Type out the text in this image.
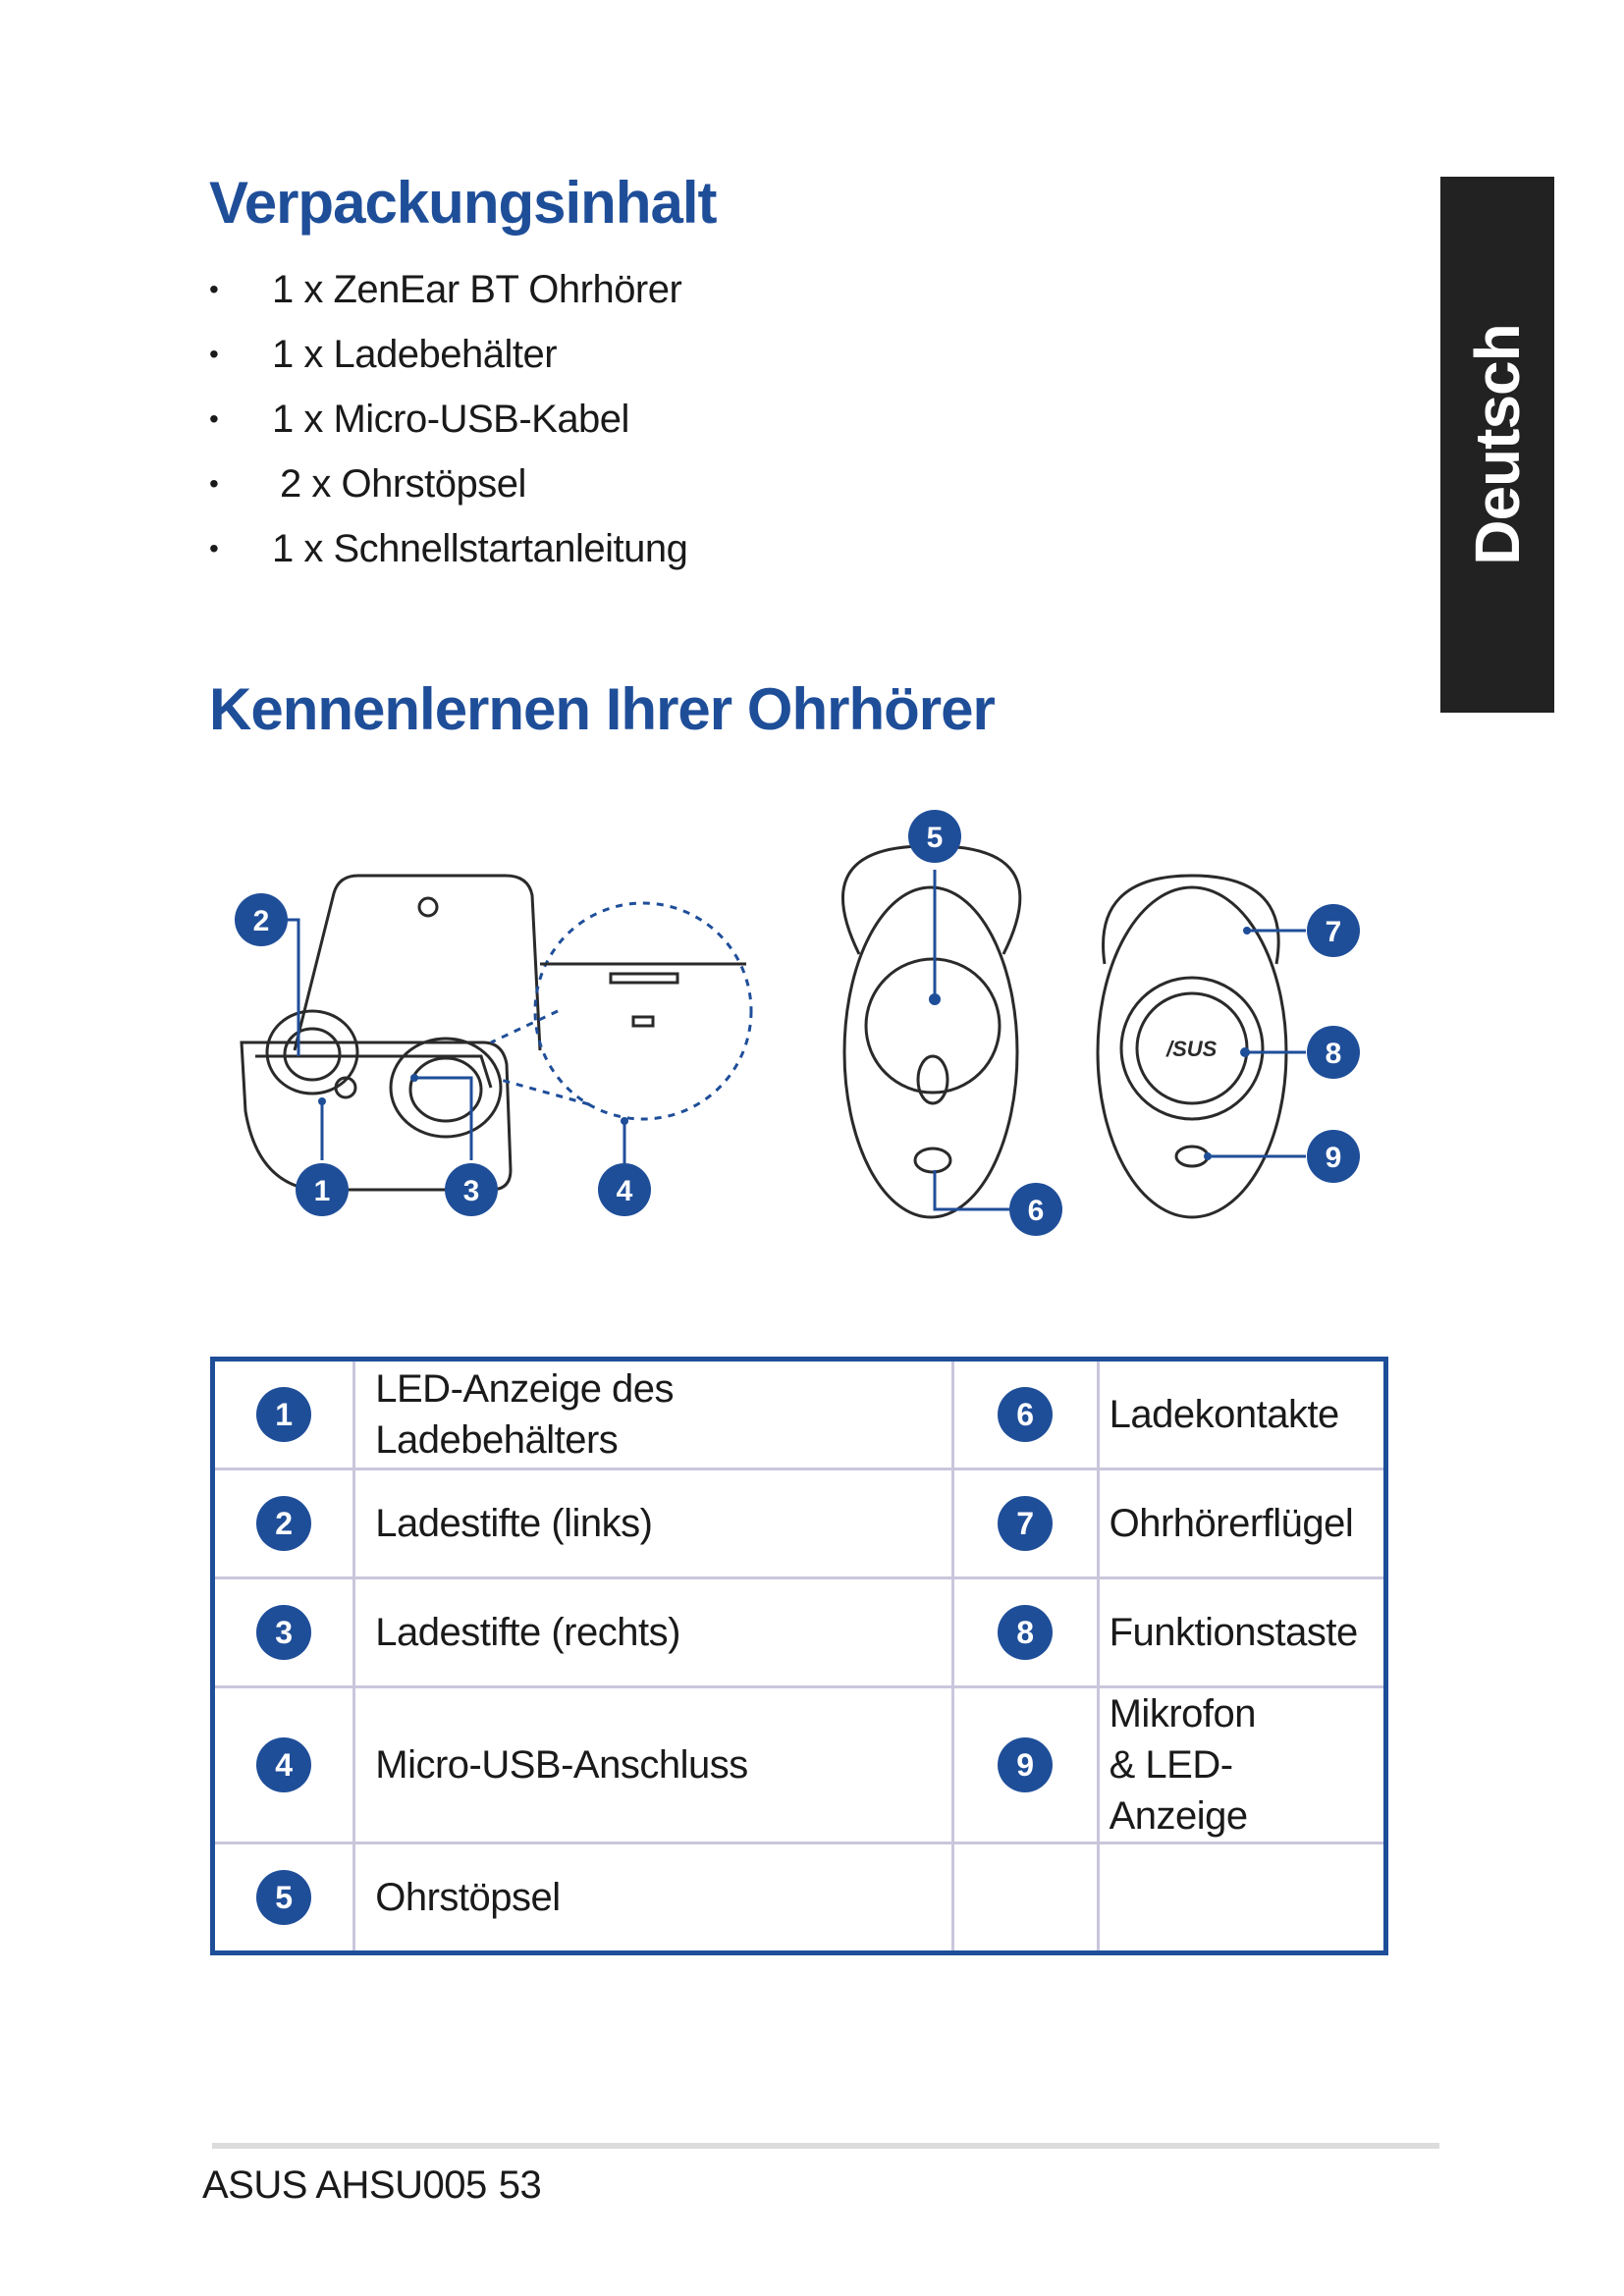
Verpackungsinhalt
• 1 x ZenEar BT Ohrhörer
• 1 x Ladebehälter
• 1 x Micro-USB-Kabel
• 2 x Ohrstöpsel
• 1 x Schnellstartanleitung	Deutsch
Kennenlernen Ihrer Ohrhörer
/SUS
1
2
3	4
5
6
7
8
9
1	LED-Anzeige des Ladebehälters	6	Ladekontakte
2	Ladestifte (links)	7	Ohrhörerflügel
3	Ladestifte (rechts)	8	Funktionstaste
4	Micro-USB-Anschluss	9	Mikrofon & LED-Anzeige
5	Ohrstöpsel		
ASUS AHSU005 53
